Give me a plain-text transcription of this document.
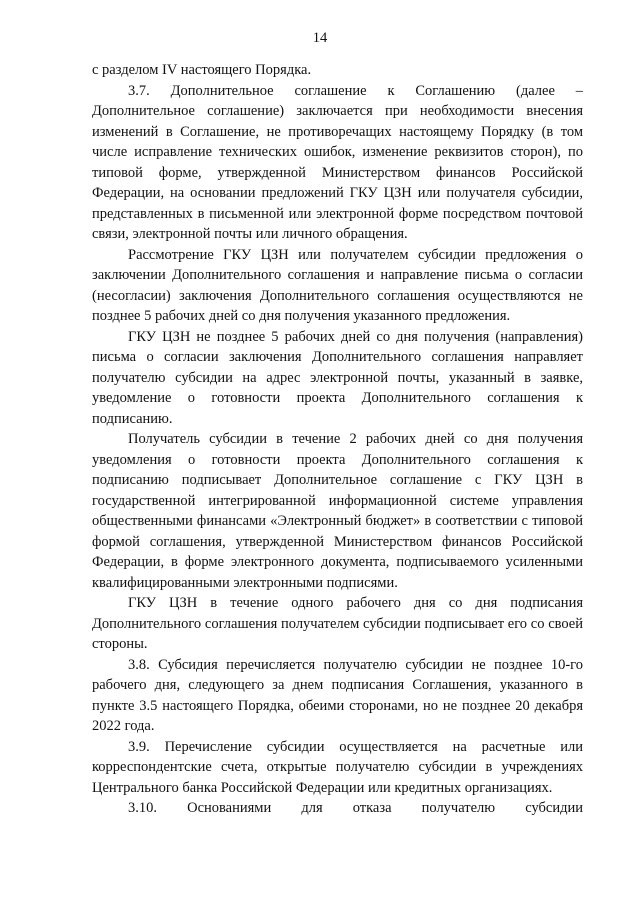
14

с разделом IV настоящего Порядка.

3.7. Дополнительное соглашение к Соглашению (далее – Дополнительное соглашение) заключается при необходимости внесения изменений в Соглашение, не противоречащих настоящему Порядку (в том числе исправление технических ошибок, изменение реквизитов сторон), по типовой форме, утвержденной Министерством финансов Российской Федерации, на основании предложений ГКУ ЦЗН или получателя субсидии, представленных в письменной или электронной форме посредством почтовой связи, электронной почты или личного обращения.

Рассмотрение ГКУ ЦЗН или получателем субсидии предложения о заключении Дополнительного соглашения и направление письма о согласии (несогласии) заключения Дополнительного соглашения осуществляются не позднее 5 рабочих дней со дня получения указанного предложения.

ГКУ ЦЗН не позднее 5 рабочих дней со дня получения (направления) письма о согласии заключения Дополнительного соглашения направляет получателю субсидии на адрес электронной почты, указанный в заявке, уведомление о готовности проекта Дополнительного соглашения к подписанию.

Получатель субсидии в течение 2 рабочих дней со дня получения уведомления о готовности проекта Дополнительного соглашения к подписанию подписывает Дополнительное соглашение с ГКУ ЦЗН в государственной интегрированной информационной системе управления общественными финансами «Электронный бюджет» в соответствии с типовой формой соглашения, утвержденной Министерством финансов Российской Федерации, в форме электронного документа, подписываемого усиленными квалифицированными электронными подписями.

ГКУ ЦЗН в течение одного рабочего дня со дня подписания Дополнительного соглашения получателем субсидии подписывает его со своей стороны.

3.8. Субсидия перечисляется получателю субсидии не позднее 10-го рабочего дня, следующего за днем подписания Соглашения, указанного в пункте 3.5 настоящего Порядка, обеими сторонами, но не позднее 20 декабря 2022 года.

3.9. Перечисление субсидии осуществляется на расчетные или корреспондентские счета, открытые получателю субсидии в учреждениях Центрального банка Российской Федерации или кредитных организациях.

3.10. Основаниями для отказа получателю субсидии
